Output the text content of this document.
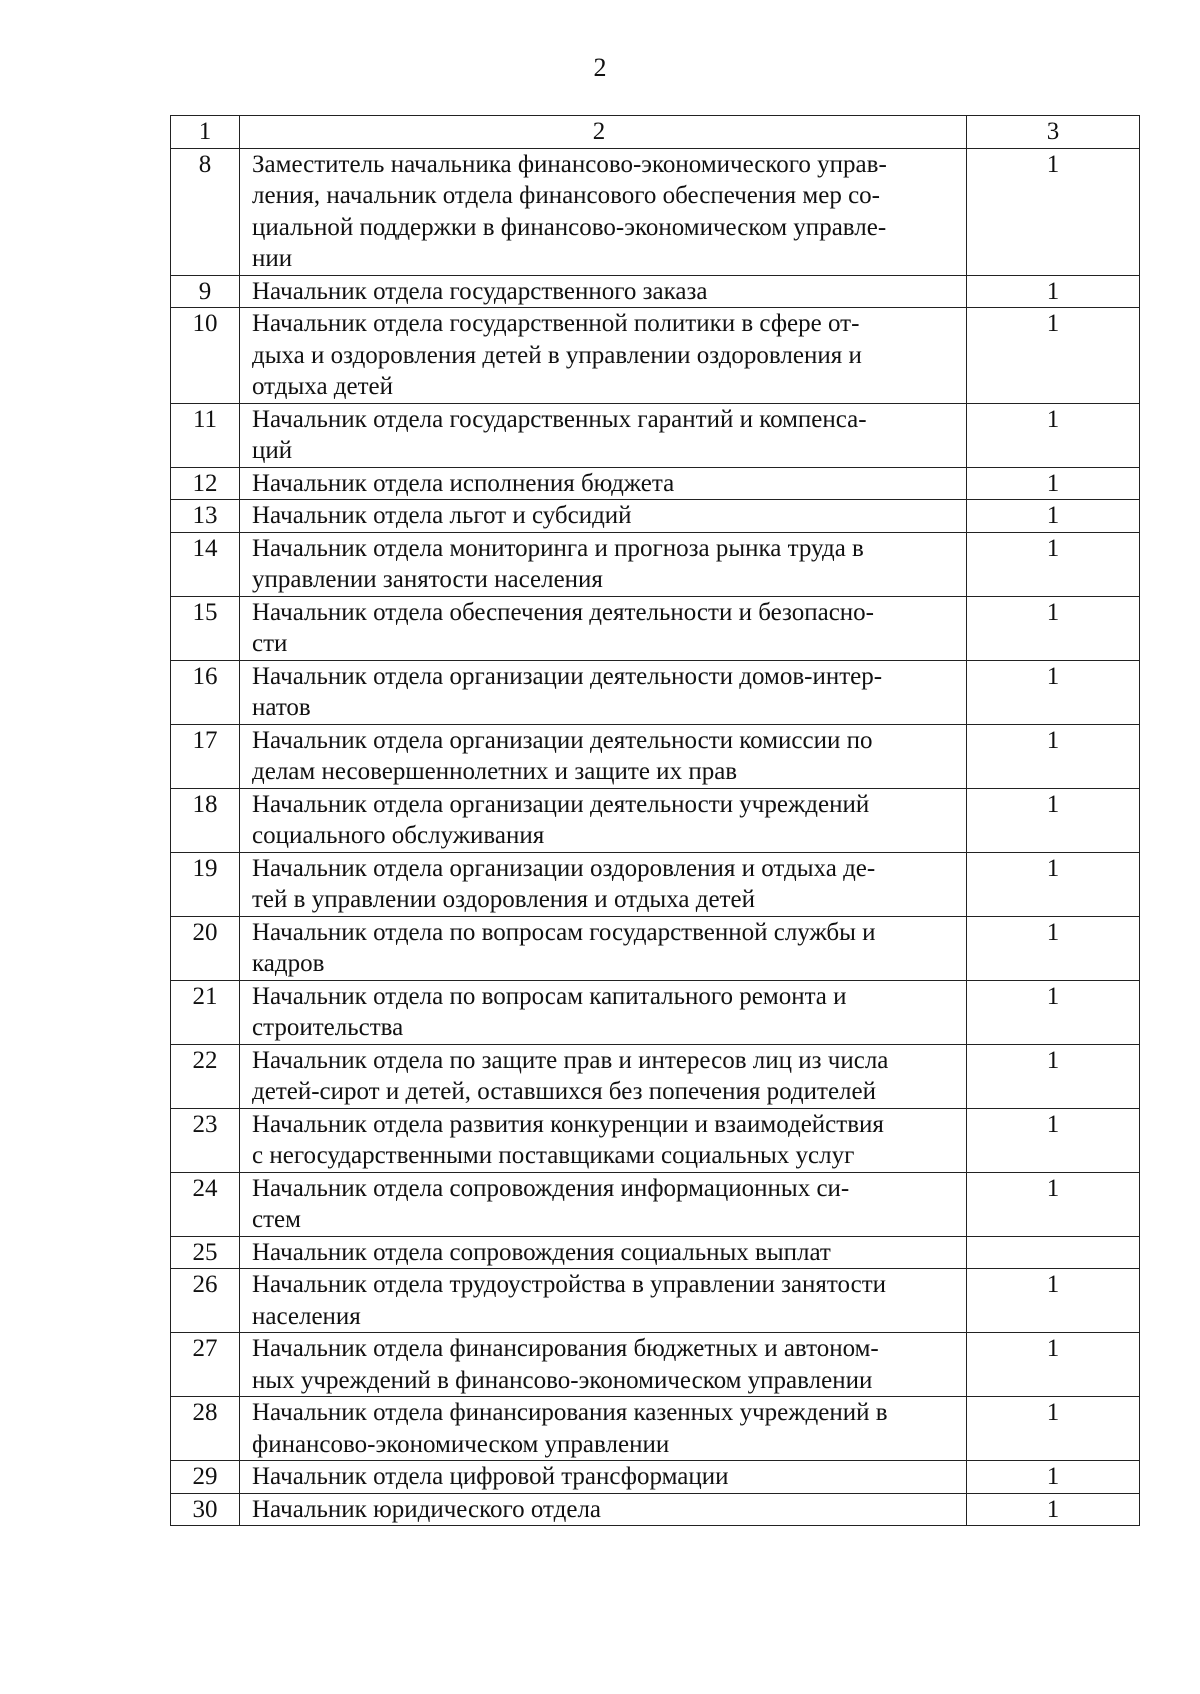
2
1	2	3
8	Заместитель начальника финансово-экономического управ-
ления, начальник отдела финансового обеспечения мер со-
циальной поддержки в финансово-экономическом управле-
нии	1
9	Начальник отдела государственного заказа	1
10	Начальник отдела государственной политики в сфере от-
дыха и оздоровления детей в управлении оздоровления и
отдыха детей	1
11	Начальник отдела государственных гарантий и компенса-
ций	1
12	Начальник отдела исполнения бюджета	1
13	Начальник отдела льгот и субсидий	1
14	Начальник отдела мониторинга и прогноза рынка труда в
управлении занятости населения	1
15	Начальник отдела обеспечения деятельности и безопасно-
сти	1
16	Начальник отдела организации деятельности домов-интер-
натов	1
17	Начальник отдела организации деятельности комиссии по
делам несовершеннолетних и защите их прав	1
18	Начальник отдела организации деятельности учреждений
социального обслуживания	1
19	Начальник отдела организации оздоровления и отдыха де-
тей в управлении оздоровления и отдыха детей	1
20	Начальник отдела по вопросам государственной службы и
кадров	1
21	Начальник отдела по вопросам капитального ремонта и
строительства	1
22	Начальник отдела по защите прав и интересов лиц из числа
детей-сирот и детей, оставшихся без попечения родителей	1
23	Начальник отдела развития конкуренции и взаимодействия
с негосударственными поставщиками социальных услуг	1
24	Начальник отдела сопровождения информационных си-
стем	1
25	Начальник отдела сопровождения социальных выплат	
26	Начальник отдела трудоустройства в управлении занятости
населения	1
27	Начальник отдела финансирования бюджетных и автоном-
ных учреждений в финансово-экономическом управлении	1
28	Начальник отдела финансирования казенных учреждений в
финансово-экономическом управлении	1
29	Начальник отдела цифровой трансформации	1
30	Начальник юридического отдела	1
